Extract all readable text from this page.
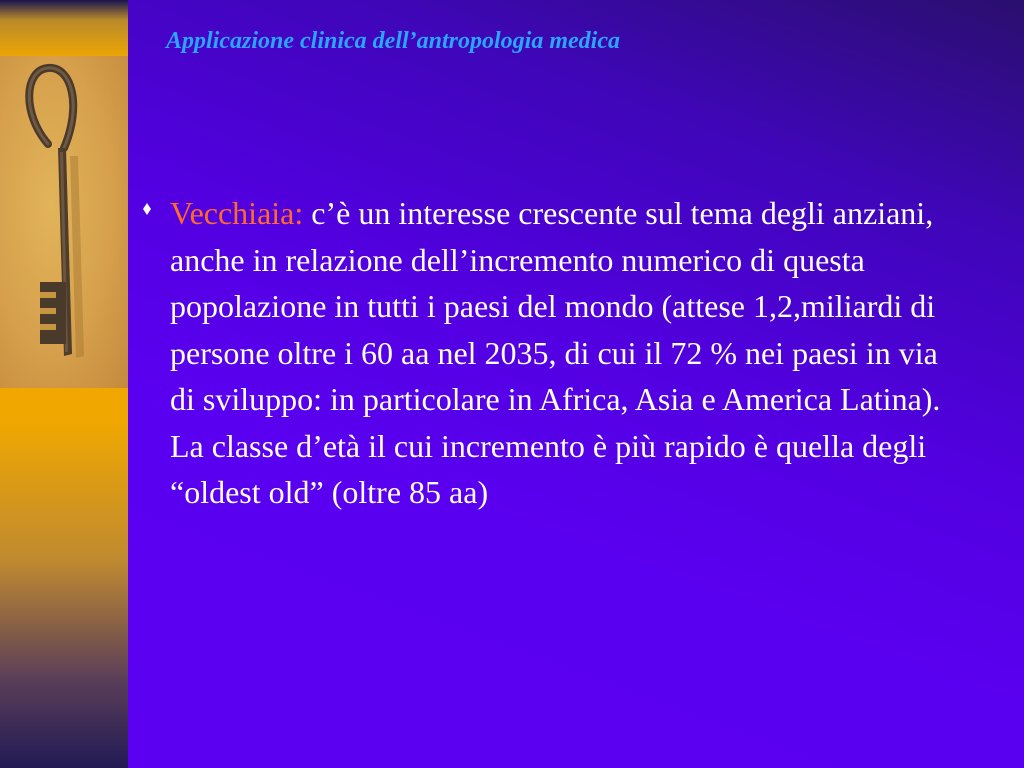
Applicazione clinica dell’antropologia medica

Vecchiaia: c’è un interesse crescente sul tema degli anziani, anche in relazione dell’incremento numerico di questa popolazione in tutti i paesi del mondo (attese 1,2,miliardi di persone oltre i 60 aa nel 2035, di cui il 72 % nei paesi in via di sviluppo: in particolare in Africa, Asia e America Latina). La classe d’età il cui incremento è più rapido è quella degli “oldest old” (oltre 85 aa)
